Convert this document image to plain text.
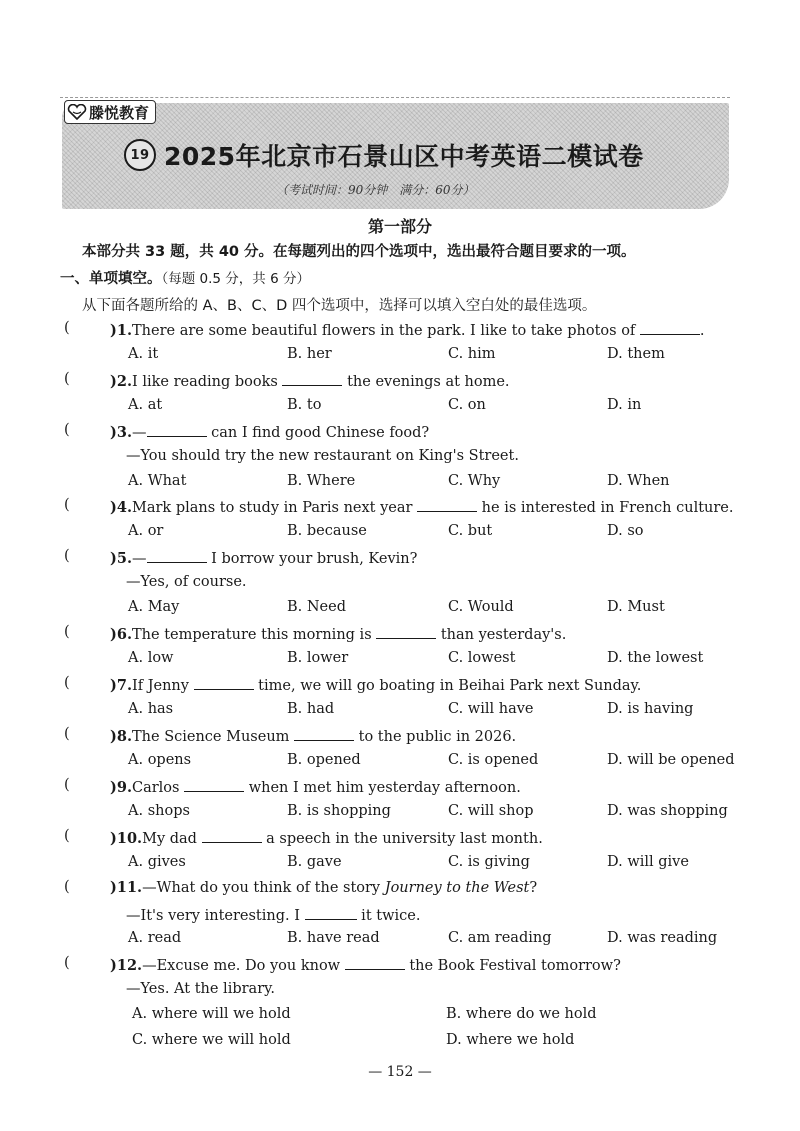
滕悦教育
19 2025年北京市石景山区中考英语二模试卷
（考试时间：90分钟　满分：60分）
第一部分
本部分共 33 题，共 40 分。在每题列出的四个选项中，选出最符合题目要求的一项。
一、单项填空。（每题 0.5 分，共 6 分）
从下面各题所给的 A、B、C、D 四个选项中，选择可以填入空白处的最佳选项。
(	)1.There are some beautiful flowers in the park. I like to take photos of	.
A. it	B. her	C. him	D. them
(	)2.I like reading books	the evenings at home.
A. at	B. to	C. on	D. in
(	)3.—	can I find good Chinese food?
—You should try the new restaurant on King's Street.
A. What	B. Where	C. Why	D. When
(	)4.Mark plans to study in Paris next year	he is interested in French culture.
A. or	B. because	C. but	D. so
(	)5.—	I borrow your brush, Kevin?
—Yes, of course.
A. May	B. Need	C. Would	D. Must
(	)6.The temperature this morning is	than yesterday's.
A. low	B. lower	C. lowest	D. the lowest
(	)7.If Jenny	time, we will go boating in Beihai Park next Sunday.
A. has	B. had	C. will have	D. is having
(	)8.The Science Museum	to the public in 2026.
A. opens	B. opened	C. is opened	D. will be opened
(	)9.Carlos	when I met him yesterday afternoon.
A. shops	B. is shopping	C. will shop	D. was shopping
(	)10.My dad	a speech in the university last month.
A. gives	B. gave	C. is giving	D. will give
(	)11.—What do you think of the story Journey to the West?
—It's very interesting. I	it twice.
A. read	B. have read	C. am reading	D. was reading
(	)12.—Excuse me. Do you know	the Book Festival tomorrow?
—Yes. At the library.
A. where will we hold	B. where do we hold
C. where we will hold	D. where we hold
— 152 —
